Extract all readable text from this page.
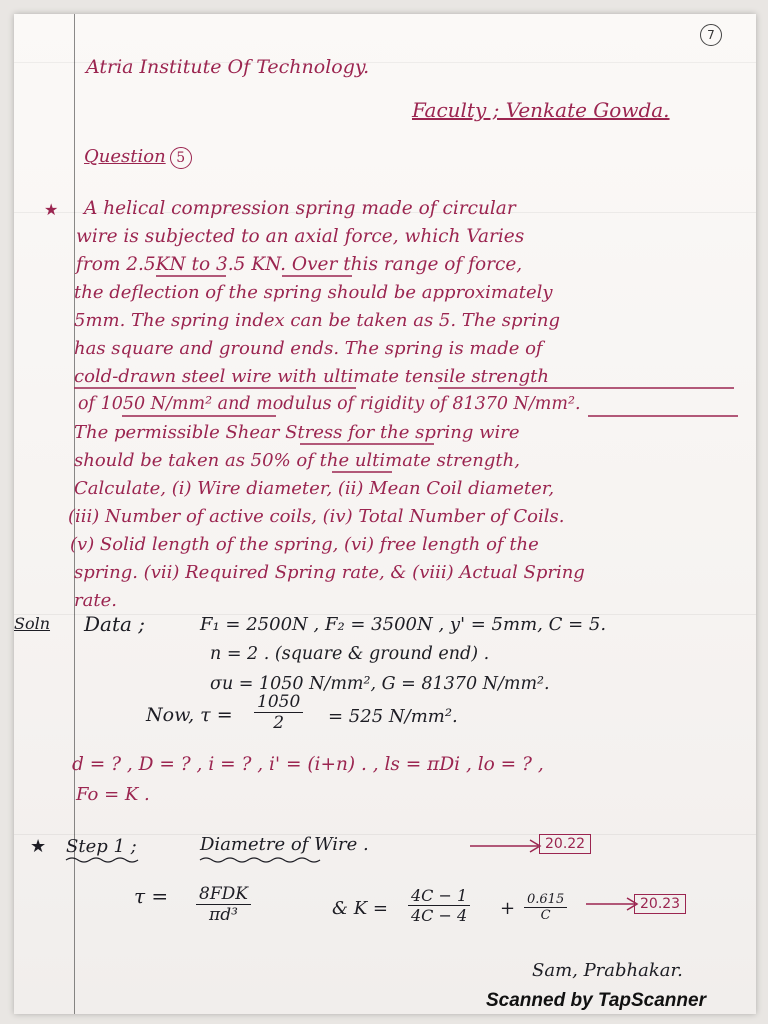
7
Atria Institute Of Technology.
Faculty ; Venkate Gowda.
Question 5
★ A helical compression spring made of circular
wire is subjected to an axial force, which Varies
from 2.5KN to 3.5 KN. Over this range of force,
the deflection of the spring should be approximately
5mm. The spring index can be taken as 5. The spring
has square and ground ends. The spring is made of
cold-drawn steel wire with ultimate tensile strength
of 1050 N/mm² and modulus of rigidity of 81370 N/mm².
The permissible Shear Stress for the spring wire
should be taken as 50% of the ultimate strength,
Calculate, (i) Wire diameter, (ii) Mean Coil diameter,
(iii) Number of active coils, (iv) Total Number of Coils.
(v) Solid length of the spring, (vi) free length of the
spring. (vii) Required Spring rate, & (viii) Actual Spring
rate.
Soln Data ;	F₁ = 2500N , F₂ = 3500N , y' = 5mm, C = 5.
n = 2 . (square & ground end) .
σu = 1050 N/mm², G = 81370 N/mm².
Now, $\tau = \frac{1050}{2} = 525$ N/mm².
d = ? , D = ? , i = ? , i' = (i+n) . , ls = πDi , lo = ? ,
Fo = K .
★ Step 1 ;	Diametre of Wire .	20.22
τ = 8FDK
πd³	& $K = \frac{4C - 1}{4C - 4} + \frac{0.615}{C}$	20.23
Sam, Prabhakar.
Scanned by TapScanner
